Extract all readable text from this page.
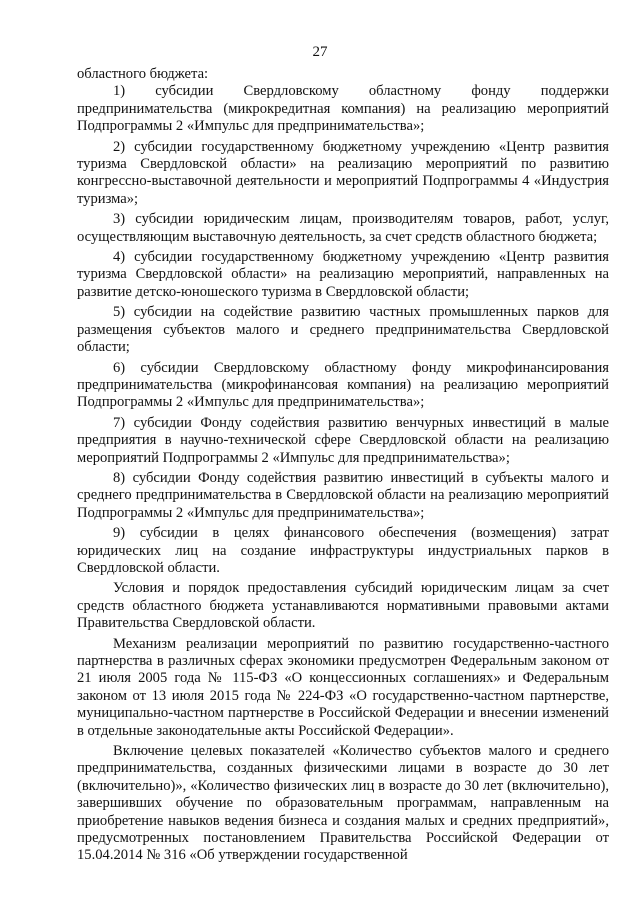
27

областного бюджета:

1) субсидии Свердловскому областному фонду поддержки предпринимательства (микрокредитная компания) на реализацию мероприятий Подпрограммы 2 «Импульс для предпринимательства»;

2) субсидии государственному бюджетному учреждению «Центр развития туризма Свердловской области» на реализацию мероприятий по развитию конгрессно-выставочной деятельности и мероприятий Подпрограммы 4 «Индустрия туризма»;

3) субсидии юридическим лицам, производителям товаров, работ, услуг, осуществляющим выставочную деятельность, за счет средств областного бюджета;

4) субсидии государственному бюджетному учреждению «Центр развития туризма Свердловской области» на реализацию мероприятий, направленных на развитие детско-юношеского туризма в Свердловской области;

5) субсидии на содействие развитию частных промышленных парков для размещения субъектов малого и среднего предпринимательства Свердловской области;

6) субсидии Свердловскому областному фонду микрофинансирования предпринимательства (микрофинансовая компания) на реализацию мероприятий Подпрограммы 2 «Импульс для предпринимательства»;

7) субсидии Фонду содействия развитию венчурных инвестиций в малые предприятия в научно-технической сфере Свердловской области на реализацию мероприятий Подпрограммы 2 «Импульс для предпринимательства»;

8) субсидии Фонду содействия развитию инвестиций в субъекты малого и среднего предпринимательства в Свердловской области на реализацию мероприятий Подпрограммы 2 «Импульс для предпринимательства»;

9) субсидии в целях финансового обеспечения (возмещения) затрат юридических лиц на создание инфраструктуры индустриальных парков в Свердловской области.

Условия и порядок предоставления субсидий юридическим лицам за счет средств областного бюджета устанавливаются нормативными правовыми актами Правительства Свердловской области.

Механизм реализации мероприятий по развитию государственно-частного партнерства в различных сферах экономики предусмотрен Федеральным законом от 21 июля 2005 года № 115-ФЗ «О концессионных соглашениях» и Федеральным законом от 13 июля 2015 года № 224-ФЗ «О государственно-частном партнерстве, муниципально-частном партнерстве в Российской Федерации и внесении изменений в отдельные законодательные акты Российской Федерации».

Включение целевых показателей «Количество субъектов малого и среднего предпринимательства, созданных физическими лицами в возрасте до 30 лет (включительно)», «Количество физических лиц в возрасте до 30 лет (включительно), завершивших обучение по образовательным программам, направленным на приобретение навыков ведения бизнеса и создания малых и средних предприятий», предусмотренных постановлением Правительства Российской Федерации от 15.04.2014 № 316 «Об утверждении государственной
